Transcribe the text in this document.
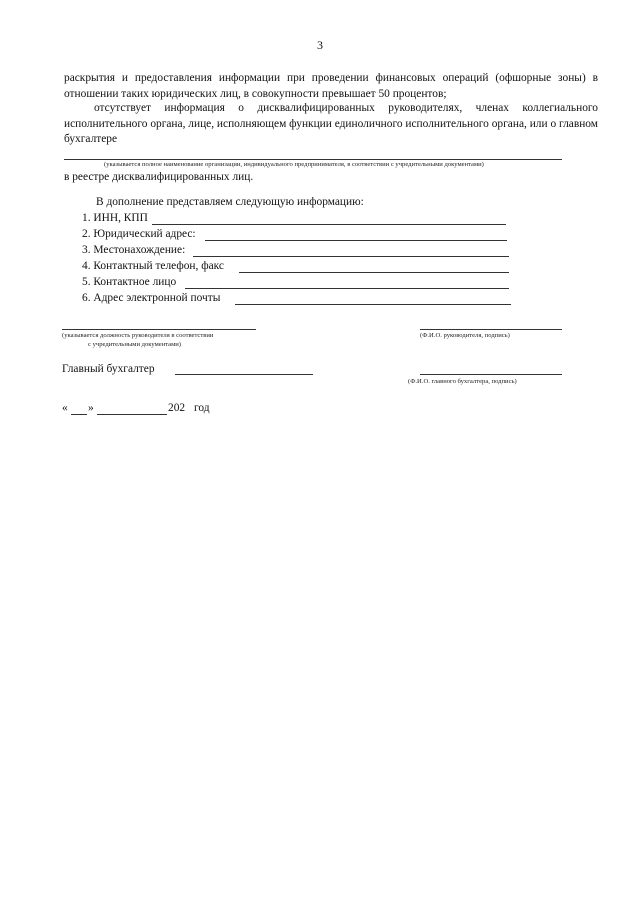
3
раскрытия и предоставления информации при проведении финансовых операций (офшорные зоны) в отношении таких юридических лиц, в совокупности превышает 50 процентов;
отсутствует информация о дисквалифицированных руководителях, членах коллегиального исполнительного органа, лице, исполняющем функции единоличного исполнительного органа, или о главном бухгалтере
(указывается полное наименование организации, индивидуального предпринимателя, в соответствии с учредительными документами)
в реестре дисквалифицированных лиц.
В дополнение представляем следующую информацию:
1. ИНН, КПП
2. Юридический адрес:
3. Местонахождение:
4. Контактный телефон, факс
5. Контактное лицо
6. Адрес электронной почты
(указывается должность руководителя в соответствии
с учредительными документами)
(Ф.И.О. руководителя, подпись)
Главный бухгалтер
(Ф.И.О. главного бухгалтера, подпись)
« »	202 год
